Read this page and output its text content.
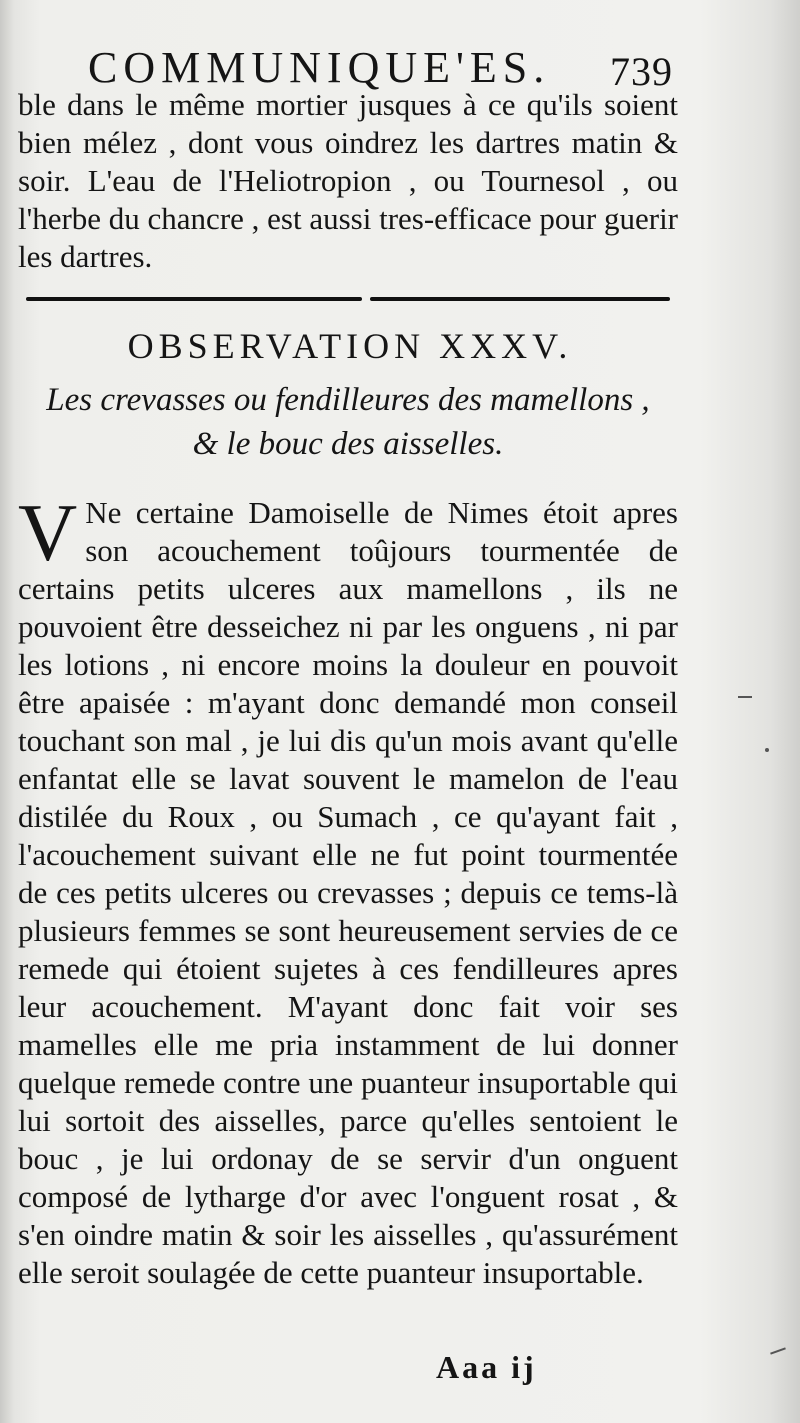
COMMUNIQUE'ES. 739

ble dans le même mortier jusques à ce qu'ils soient bien mélez , dont vous oindrez les dartres matin & soir. L'eau de l'Heliotropion , ou Tournesol , ou l'herbe du chancre , est aussi tres-efficace pour guerir les dartres.

OBSERVATION XXXV.
Les crevasses ou fendilleures des mamellons ,
& le bouc des aisselles.
V Ne certaine Damoiselle de Nimes étoit apres son acouchement toûjours tourmentée de certains petits ulceres aux mamellons , ils ne pouvoient être desseichez ni par les onguens , ni par les lotions , ni encore moins la douleur en pouvoit être apaisée : m'ayant donc demandé mon conseil touchant son mal , je lui dis qu'un mois avant qu'elle enfantat elle se lavat souvent le mamelon de l'eau distilée du Roux , ou Sumach , ce qu'ayant fait , l'acouchement suivant elle ne fut point tourmentée de ces petits ulceres ou crevasses ; depuis ce tems-là plusieurs femmes se sont heureusement servies de ce remede qui étoient sujetes à ces fendilleures apres leur acouchement. M'ayant donc fait voir ses mamelles elle me pria instamment de lui donner quelque remede contre une puanteur insuportable qui lui sortoit des aisselles, parce qu'elles sentoient le bouc , je lui ordonay de se servir d'un onguent composé de lytharge d'or avec l'onguent rosat , & s'en oindre matin & soir les aisselles , qu'assurément elle seroit soulagée de cette puanteur insuportable.

Aaa ij
